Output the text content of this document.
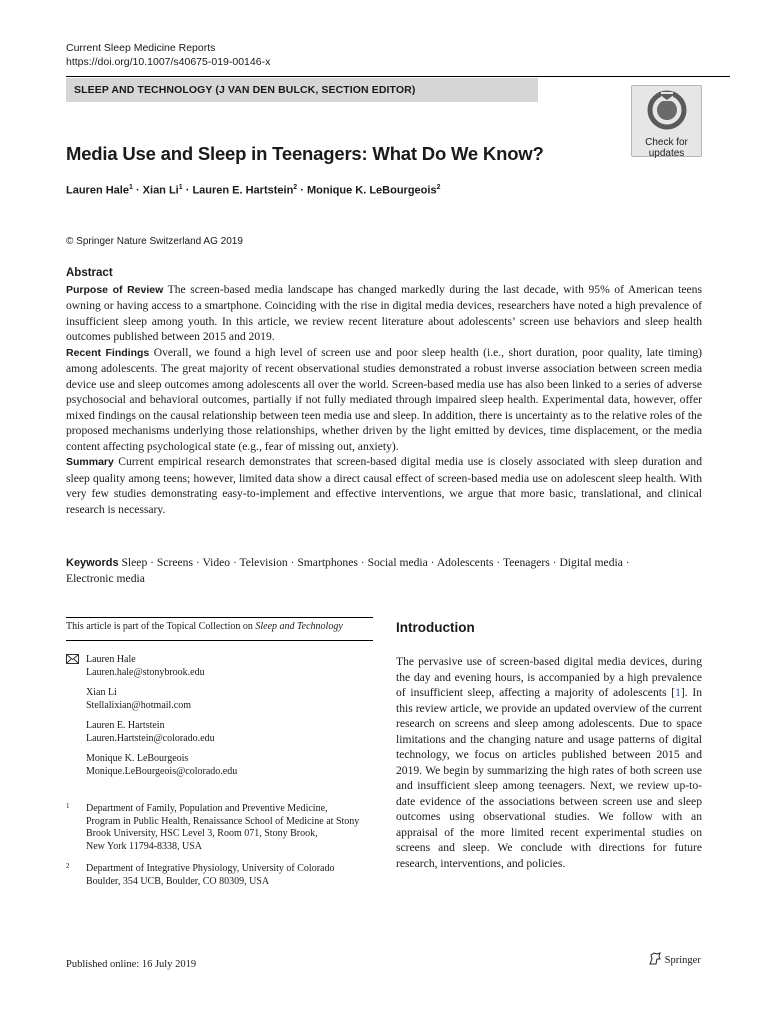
Current Sleep Medicine Reports
https://doi.org/10.1007/s40675-019-00146-x
SLEEP AND TECHNOLOGY (J VAN DEN BULCK, SECTION EDITOR)
Check for
updates
Media Use and Sleep in Teenagers: What Do We Know?
Lauren Hale$^1$ · Xian $Li^1$ · Lauren E. Hartstein$^2$ · Monique K. LeBourgeois$^2$
© Springer Nature Switzerland AG 2019
Abstract

Purpose of Review The screen-based media landscape has changed markedly during the last decade, with 95% of American teens owning or having access to a smartphone. Coinciding with the rise in digital media devices, researchers have noted a high prevalence of insufficient sleep among youth. In this article, we review recent literature about adolescents’ screen use behaviors and sleep health outcomes published between 2015 and 2019.

Recent Findings Overall, we found a high level of screen use and poor sleep health (i.e., short duration, poor quality, late timing) among adolescents. The great majority of recent observational studies demonstrated a robust inverse association between screen media device use and sleep outcomes among adolescents all over the world. Screen-based media use has also been linked to a series of adverse psychosocial and behavioral outcomes, partially if not fully mediated through impaired sleep health. Experimental data, however, offer mixed findings on the causal relationship between teen media use and sleep. In addition, there is uncertainty as to the relative roles of the proposed mechanisms underlying those relationships, whether driven by the light emitted by devices, time displacement, or the media content affecting psychological state (e.g., fear of missing out, anxiety).

Summary Current empirical research demonstrates that screen-based digital media use is closely associated with sleep duration and sleep quality among teens; however, limited data show a direct causal effect of screen-based media use on adolescent sleep health. With very few studies demonstrating easy-to-implement and effective interventions, we argue that more basic, translational, and clinical research is necessary.

Keywords Sleep · Screens · Video · Television · Smartphones · Social media · Adolescents · Teenagers · Digital media ·
Electronic media
This article is part of the Topical Collection on Sleep and Technology
Lauren Hale
Lauren.hale@stonybrook.edu
Xian Li
Stellalixian@hotmail.com
Lauren E. Hartstein
Lauren.Hartstein@colorado.edu
Monique K. LeBourgeois
Monique.LeBourgeois@colorado.edu
1 Department of Family, Population and Preventive Medicine,
Program in Public Health, Renaissance School of Medicine at Stony
Brook University, HSC Level 3, Room 071, Stony Brook,
New York 11794-8338, USA
2 Department of Integrative Physiology, University of Colorado
Boulder, 354 UCB, Boulder, CO 80309, USA
Introduction
The pervasive use of screen-based digital media devices, during the day and evening hours, is accompanied by a high prevalence of insufficient sleep, affecting a majority of adolescents [1]. In this review article, we provide an updated overview of the current research on screens and sleep among adolescents. Due to space limitations and the changing nature and usage patterns of digital technology, we focus on articles published between 2015 and 2019. We begin by summarizing the high rates of both screen use and insufficient sleep among teenagers. Next, we review up-to-date evidence of the associations between screen use and sleep outcomes using observational studies. We follow with an appraisal of the more limited recent experimental studies on screens and sleep. We conclude with directions for future research, interventions, and policies.
Published online: 16 July 2019	Springer
